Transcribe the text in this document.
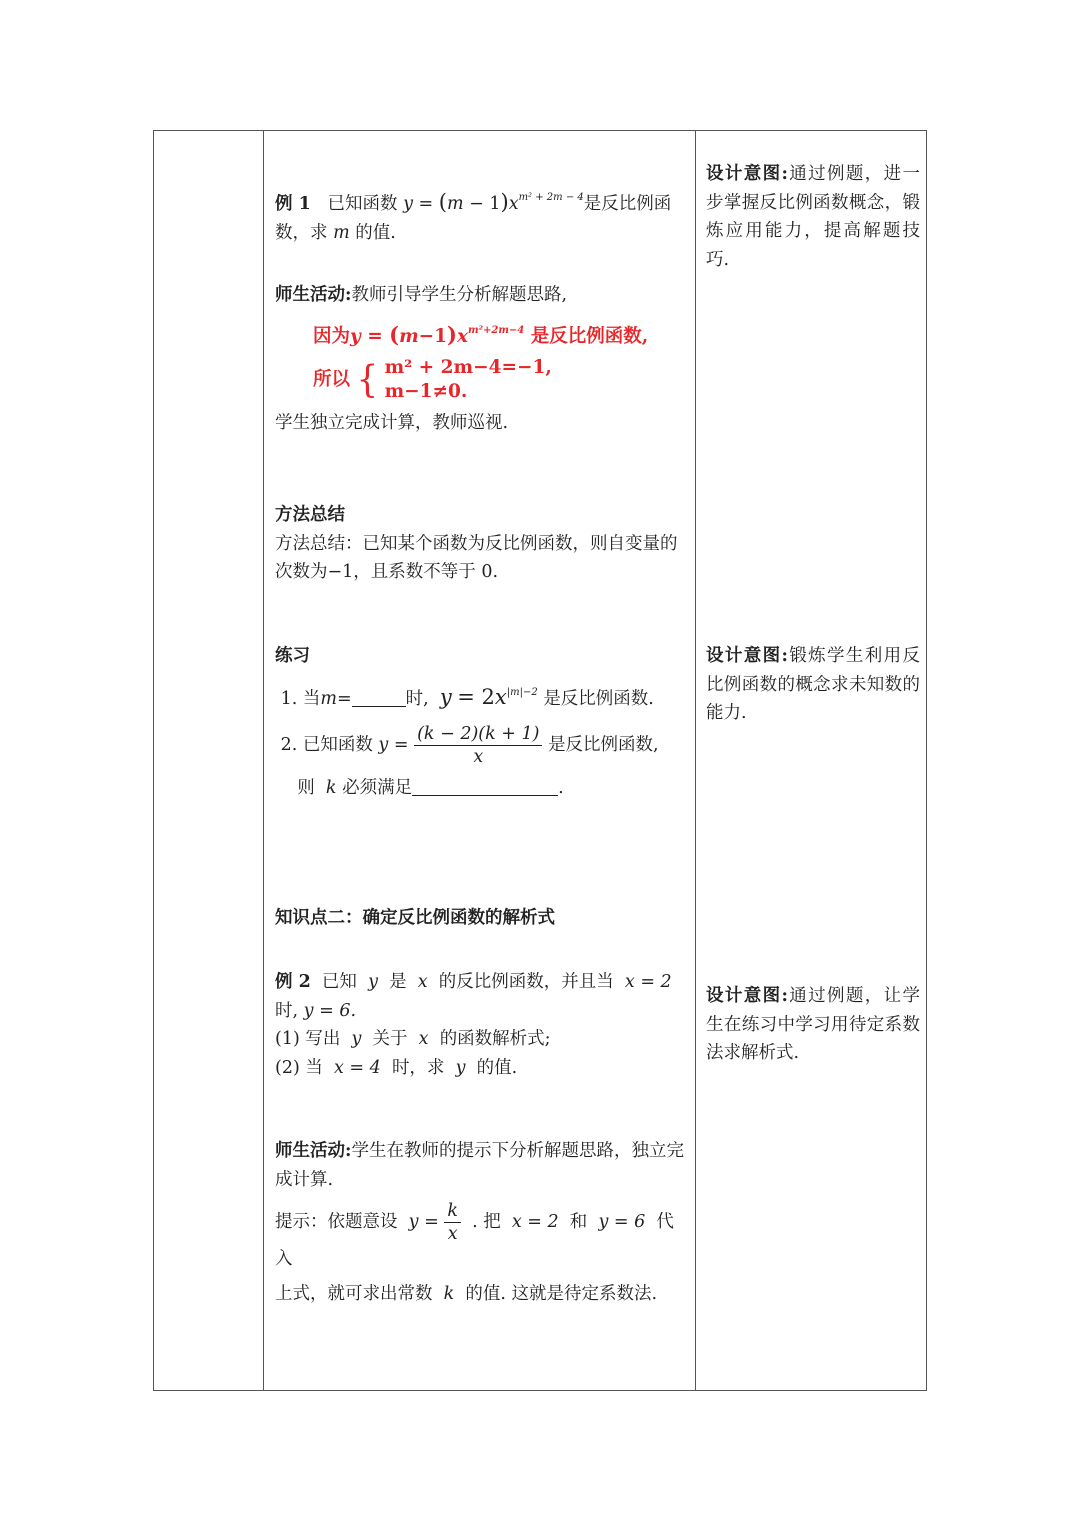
例 1 已知函数 $y = (m - 1)x^{m^2 + 2m - 4}$是反比例函
数，求 m 的值.
师生活动:教师引导学生分析解题思路,
因为$y = (m-1)x^{m^2+2m-4}$ 是反比例函数,
所以 { m² + 2m−4=−1,
m−1≠0.
学生独立完成计算，教师巡视.
方法总结
方法总结：已知某个函数为反比例函数，则自变量的次数为−1，且系数不等于 0.
练习
1. 当m=	时, $y = 2x^{|m|-2}$ 是反比例函数.
2. 已知函数 $y = \frac{(k - 2)(k + 1)}{x}$ 是反比例函数,
则 k 必须满足	.
知识点二：确定反比例函数的解析式
例 2 已知 y 是 x 的反比例函数，并且当 x = 2
时, y = 6.
(1) 写出 y 关于 x 的函数解析式;
(2) 当 x = 4 时，求 y 的值.
师生活动:学生在教师的提示下分析解题思路，独立完成计算.
提示：依题意设 $y = \frac{k}{x}$ . 把 x = 2 和 y = 6 代入
上式，就可求出常数 k 的值. 这就是待定系数法.
设计意图:通过例题，进一步掌握反比例函数概念，锻炼应用能力，提高解题技巧.
设计意图:锻炼学生利用反比例函数的概念求未知数的能力.
设计意图:通过例题，让学生在练习中学习用待定系数法求解析式.
